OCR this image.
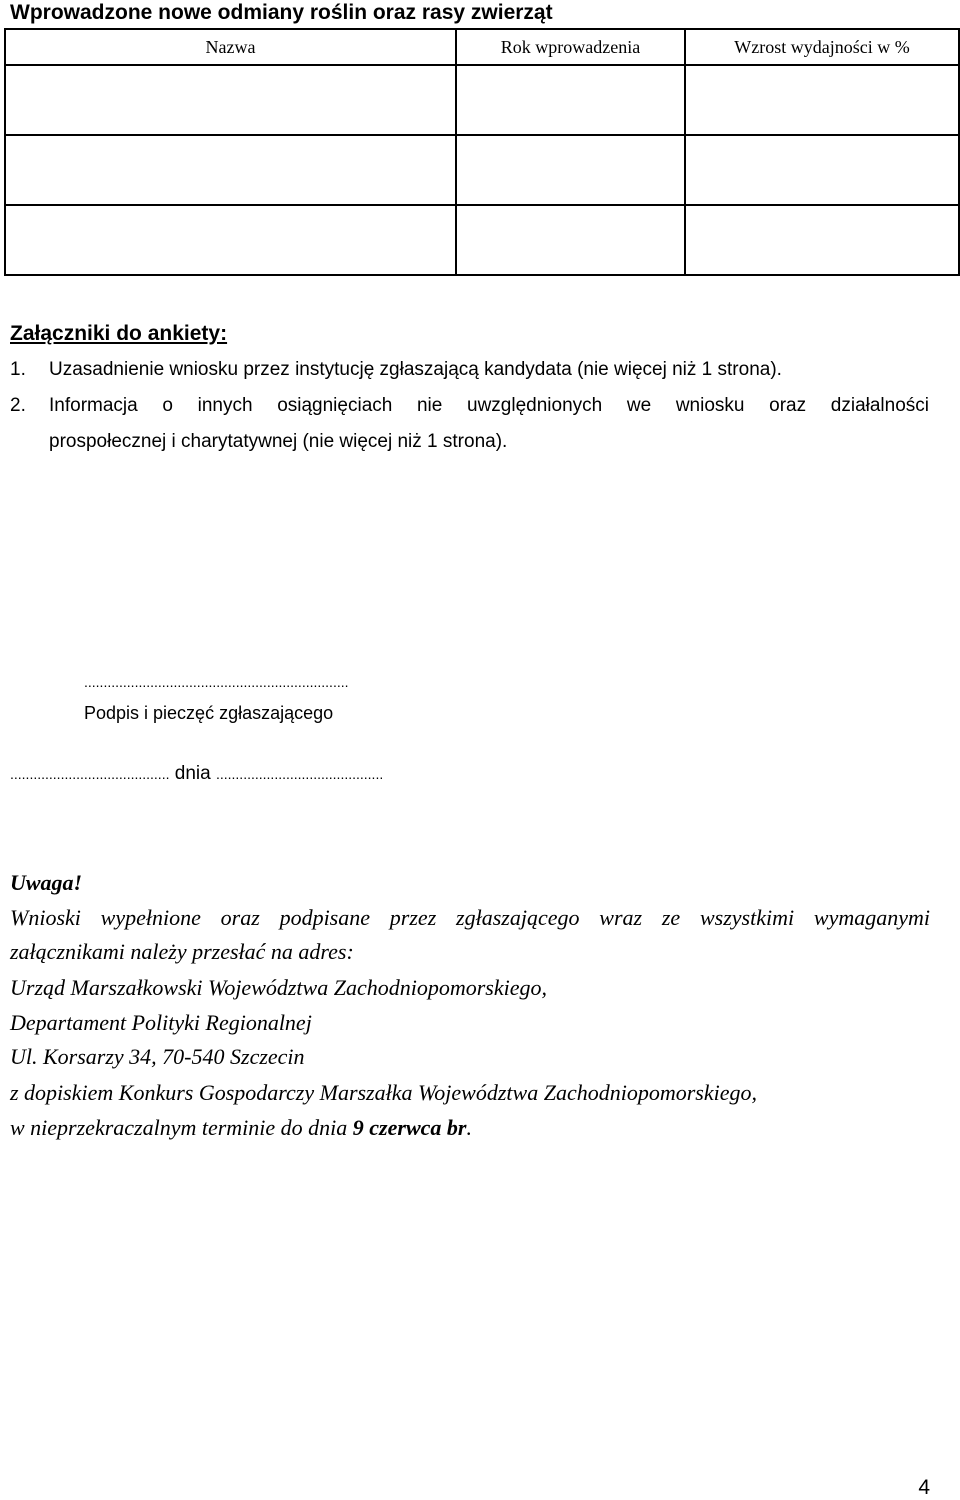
Wprowadzone nowe odmiany roślin oraz rasy zwierząt
Nazwa	Rok wprowadzenia	Wzrost wydajności w %

Załączniki do ankiety:
1. Uzasadnienie wniosku przez instytucję zgłaszającą kandydata (nie więcej niż 1 strona).
2. Informacja o innych osiągnięciach nie uwzględnionych we wniosku oraz działalności
prospołecznej i charytatywnej (nie więcej niż 1 strona).
....................................................................
Podpis i pieczęć zgłaszającego
......................................... dnia ...........................................
Uwaga!
Wnioski wypełnione oraz podpisane przez zgłaszającego wraz ze wszystkimi wymaganymi
załącznikami należy przesłać na adres:
Urząd Marszałkowski Województwa Zachodniopomorskiego,
Departament Polityki Regionalnej
Ul. Korsarzy 34, 70-540 Szczecin
z dopiskiem Konkurs Gospodarczy Marszałka Województwa Zachodniopomorskiego,
w nieprzekraczalnym terminie do dnia 9 czerwca br.
4
